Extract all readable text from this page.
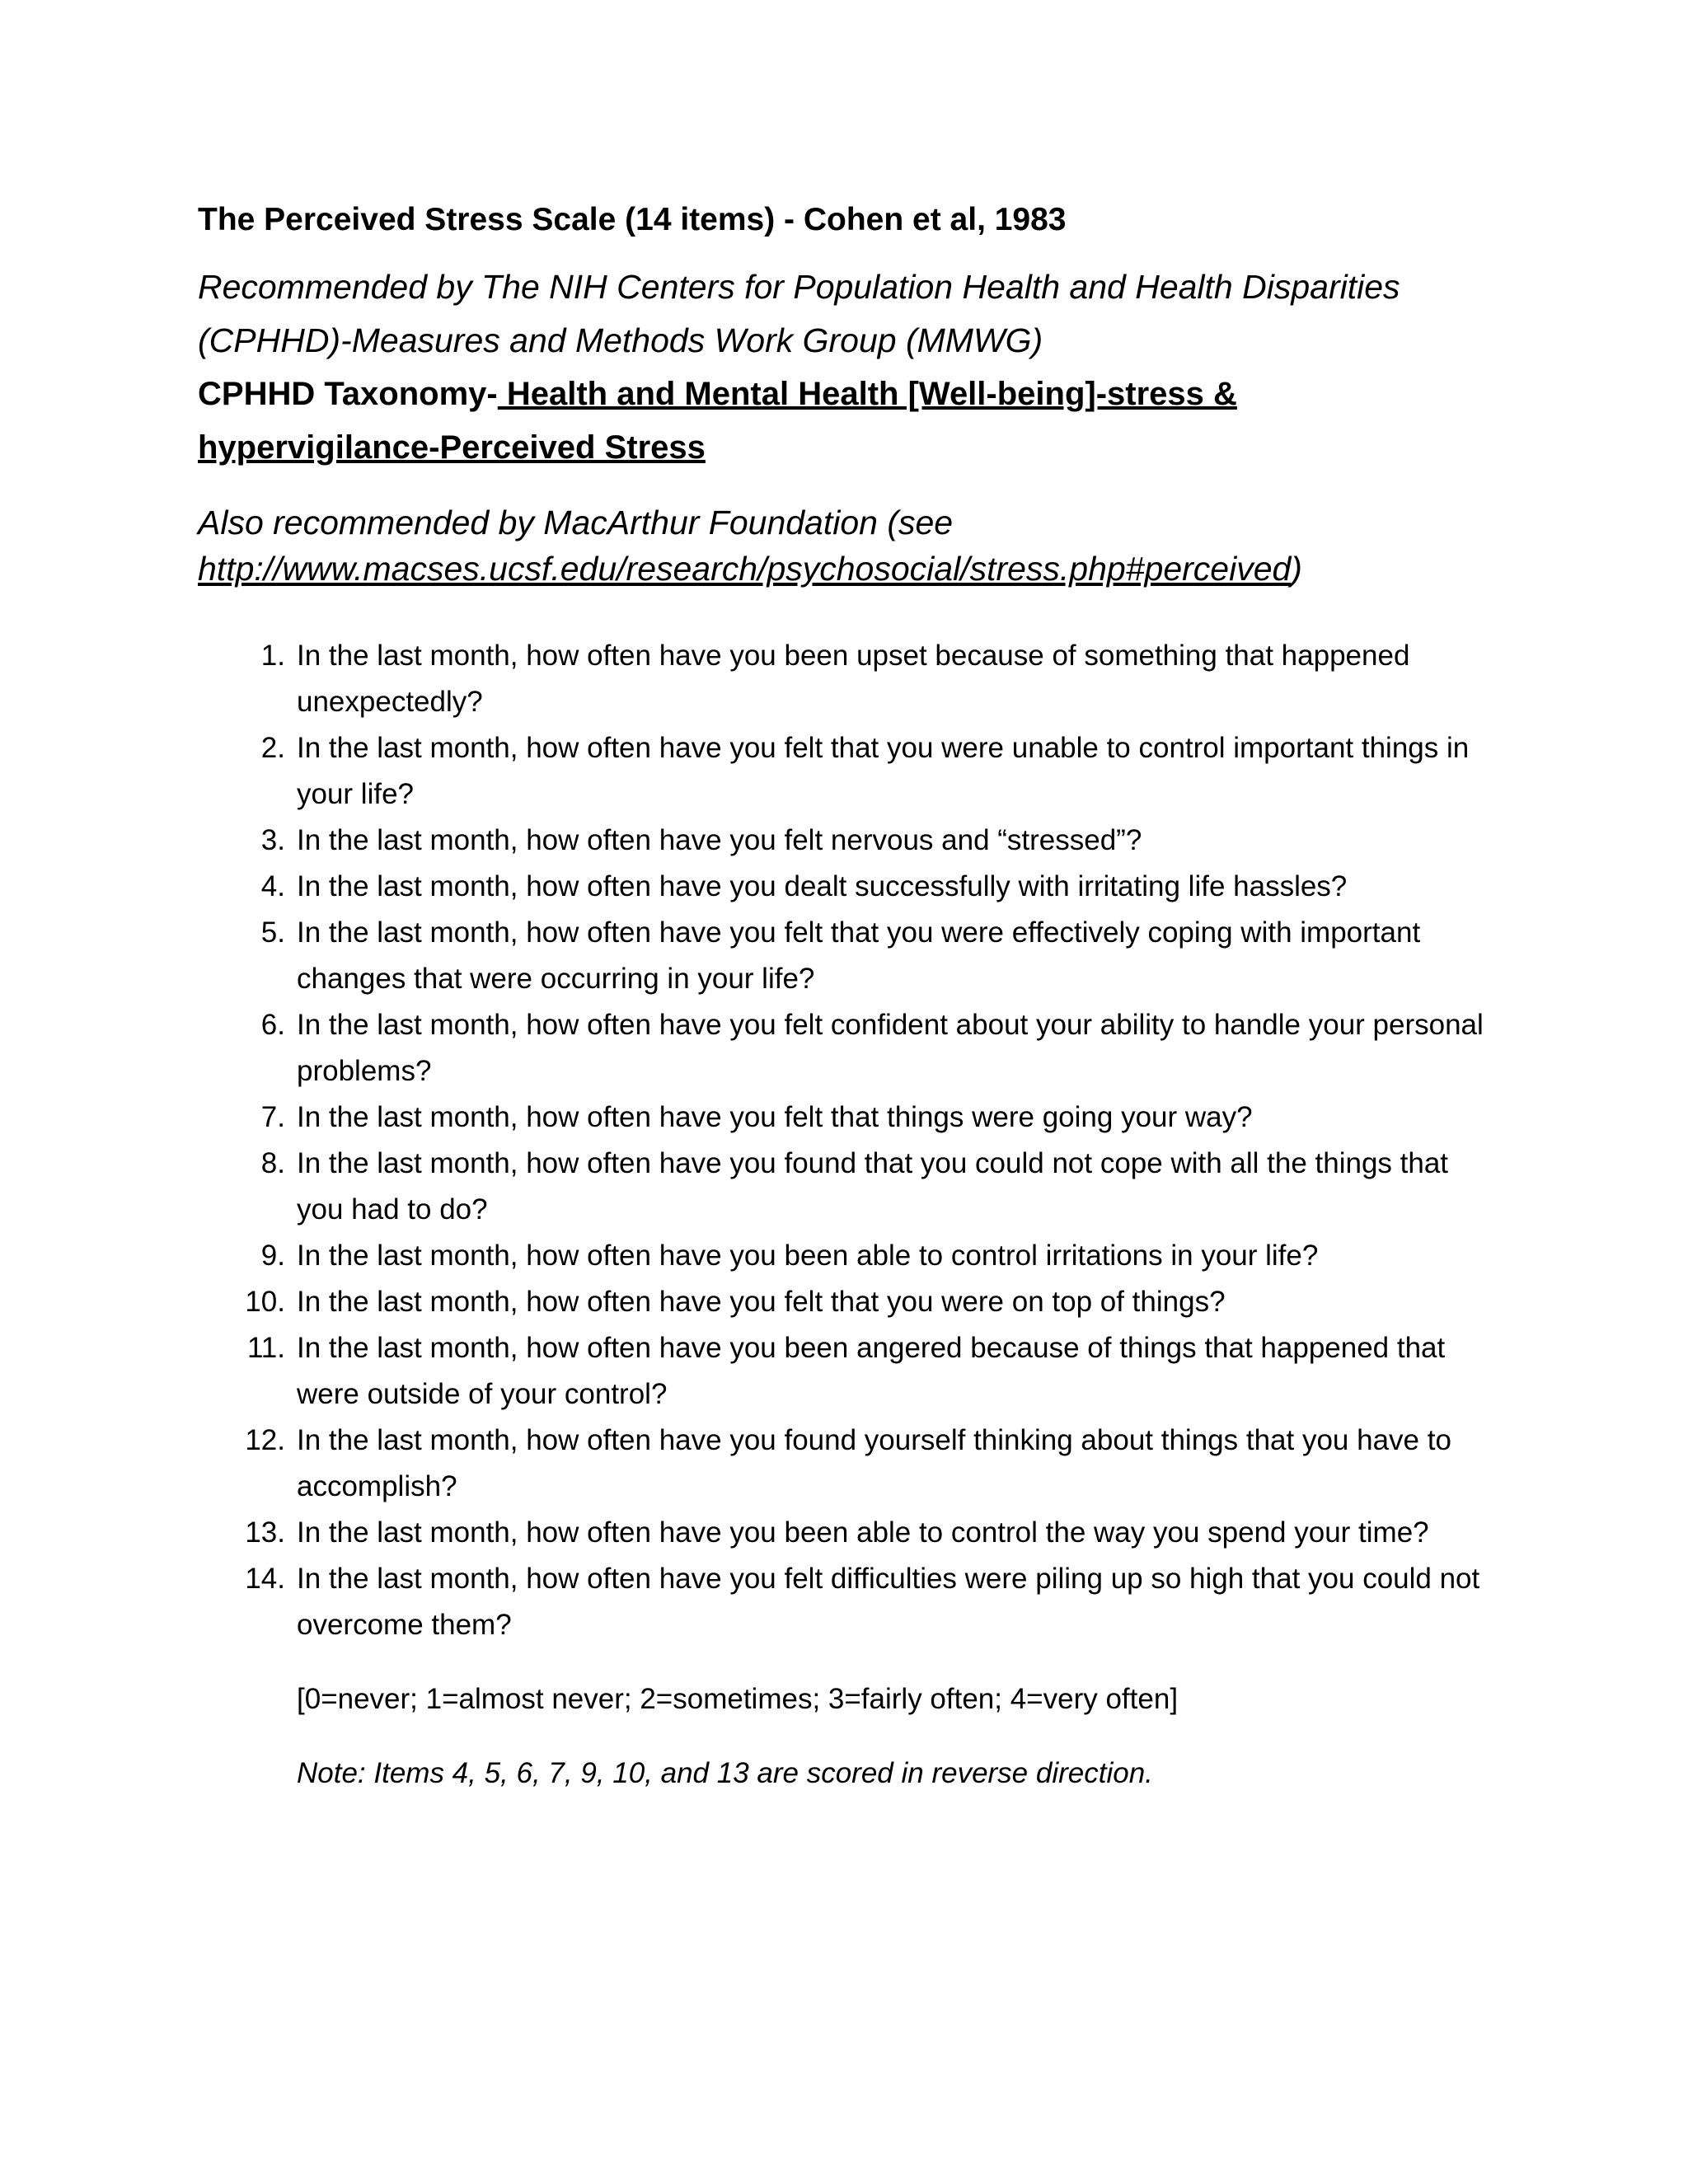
The Perceived Stress Scale (14 items) - Cohen et al, 1983

Recommended by The NIH Centers for Population Health and Health Disparities
(CPHHD)-Measures and Methods Work Group (MMWG)

CPHHD Taxonomy- Health and Mental Health [Well-being]-stress &
hypervigilance-Perceived Stress

Also recommended by MacArthur Foundation (see
http://www.macses.ucsf.edu/research/psychosocial/stress.php#perceived)

1. In the last month, how often have you been upset because of something that happened unexpectedly?
2. In the last month, how often have you felt that you were unable to control important things in your life?
3. In the last month, how often have you felt nervous and “stressed”?
4. In the last month, how often have you dealt successfully with irritating life hassles?
5. In the last month, how often have you felt that you were effectively coping with important changes that were occurring in your life?
6. In the last month, how often have you felt confident about your ability to handle your personal problems?
7. In the last month, how often have you felt that things were going your way?
8. In the last month, how often have you found that you could not cope with all the things that you had to do?
9. In the last month, how often have you been able to control irritations in your life?
10. In the last month, how often have you felt that you were on top of things?
11. In the last month, how often have you been angered because of things that happened that were outside of your control?
12. In the last month, how often have you found yourself thinking about things that you have to accomplish?
13. In the last month, how often have you been able to control the way you spend your time?
14. In the last month, how often have you felt difficulties were piling up so high that you could not overcome them?

[0=never; 1=almost never; 2=sometimes; 3=fairly often; 4=very often]

Note: Items 4, 5, 6, 7, 9, 10, and 13 are scored in reverse direction.
